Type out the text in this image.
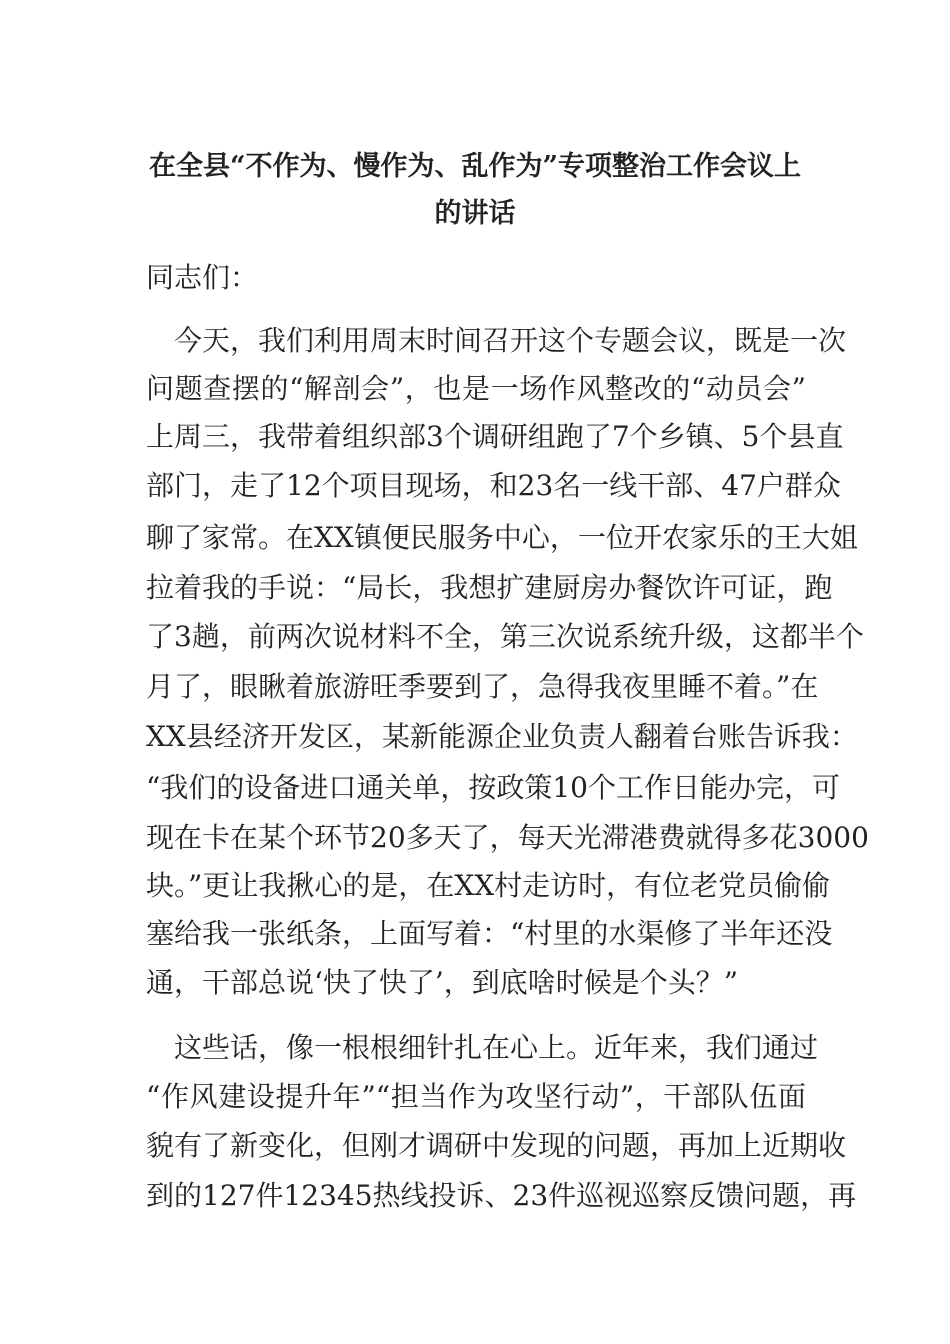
在全县“不作为、慢作为、乱作为”专项整治工作会议上
的讲话
同志们：
　今天，我们利用周末时间召开这个专题会议，既是一次
问题查摆的“解剖会”，也是一场作风整改的“动员会”
上周三，我带着组织部3个调研组跑了7个乡镇、5个县直
部门，走了12个项目现场，和23名一线干部、47户群众
聊了家常。在XX镇便民服务中心，一位开农家乐的王大姐
拉着我的手说：“局长，我想扩建厨房办餐饮许可证，跑
了3趟，前两次说材料不全，第三次说系统升级，这都半个
月了，眼瞅着旅游旺季要到了，急得我夜里睡不着。”在
XX县经济开发区，某新能源企业负责人翻着台账告诉我：
“我们的设备进口通关单，按政策10个工作日能办完，可
现在卡在某个环节20多天了，每天光滞港费就得多花3000
块。”更让我揪心的是，在XX村走访时，有位老党员偷偷
塞给我一张纸条，上面写着：“村里的水渠修了半年还没
通，干部总说‘快了快了’，到底啥时候是个头？”
　这些话，像一根根细针扎在心上。近年来，我们通过
“作风建设提升年”“担当作为攻坚行动”，干部队伍面
貌有了新变化，但刚才调研中发现的问题，再加上近期收
到的127件12345热线投诉、23件巡视巡察反馈问题，再
